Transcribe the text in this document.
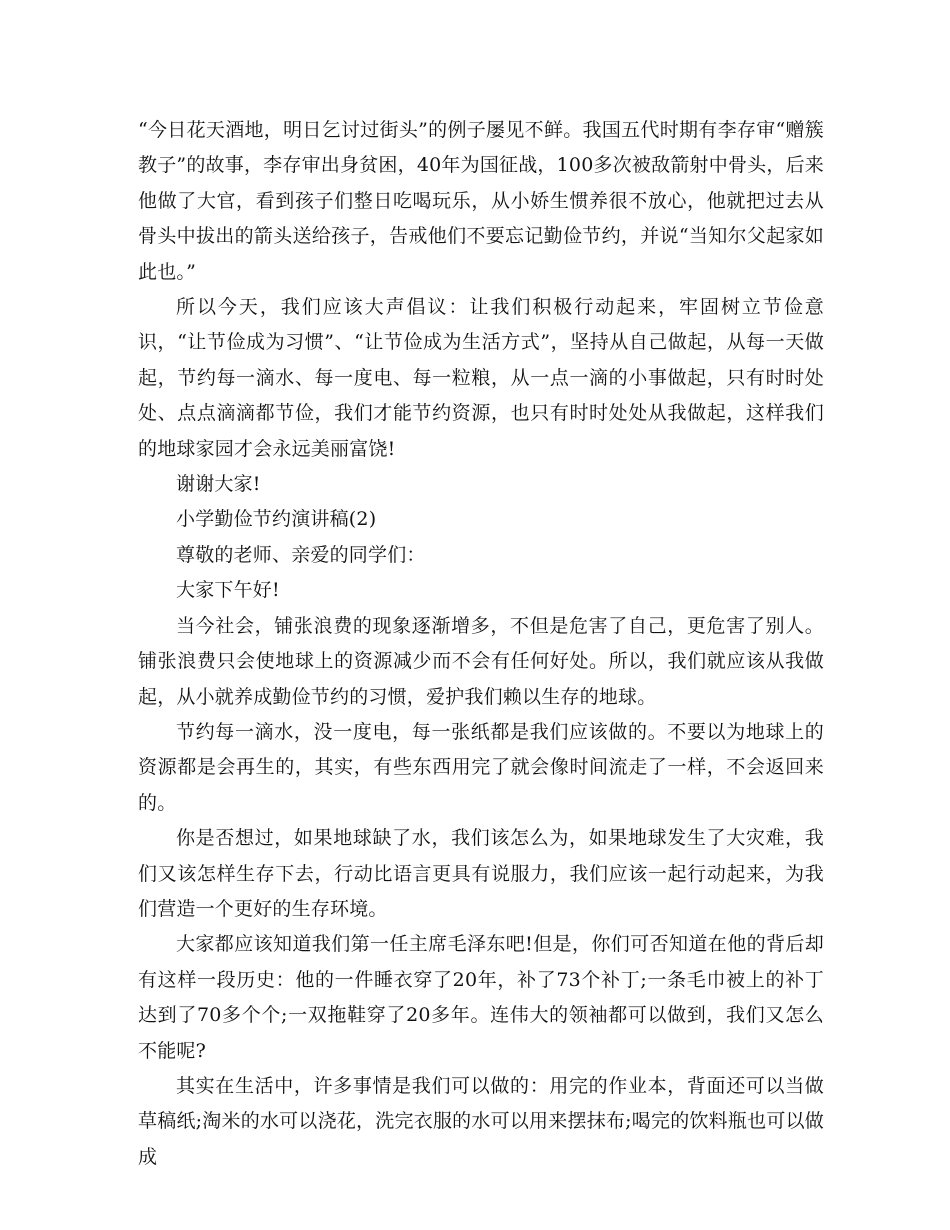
“今日花天酒地，明日乞讨过街头”的例子屡见不鲜。我国五代时期有李存审“赠簇教子”的故事，李存审出身贫困，40年为国征战，100多次被敌箭射中骨头，后来他做了大官，看到孩子们整日吃喝玩乐，从小娇生惯养很不放心，他就把过去从骨头中拔出的箭头送给孩子，告戒他们不要忘记勤俭节约，并说“当知尔父起家如此也。”

所以今天，我们应该大声倡议：让我们积极行动起来，牢固树立节俭意识，“让节俭成为习惯”、“让节俭成为生活方式”，坚持从自己做起，从每一天做起，节约每一滴水、每一度电、每一粒粮，从一点一滴的小事做起，只有时时处处、点点滴滴都节俭，我们才能节约资源，也只有时时处处从我做起，这样我们的地球家园才会永远美丽富饶!

谢谢大家!

小学勤俭节约演讲稿(2)

尊敬的老师、亲爱的同学们：

大家下午好!

当今社会，铺张浪费的现象逐渐增多，不但是危害了自己，更危害了别人。铺张浪费只会使地球上的资源减少而不会有任何好处。所以，我们就应该从我做起，从小就养成勤俭节约的习惯，爱护我们赖以生存的地球。

节约每一滴水，没一度电，每一张纸都是我们应该做的。不要以为地球上的资源都是会再生的，其实，有些东西用完了就会像时间流走了一样，不会返回来的。

你是否想过，如果地球缺了水，我们该怎么为，如果地球发生了大灾难，我们又该怎样生存下去，行动比语言更具有说服力，我们应该一起行动起来，为我们营造一个更好的生存环境。

大家都应该知道我们第一任主席毛泽东吧!但是，你们可否知道在他的背后却有这样一段历史：他的一件睡衣穿了20年，补了73个补丁;一条毛巾被上的补丁达到了70多个个;一双拖鞋穿了20多年。连伟大的领袖都可以做到，我们又怎么不能呢?

其实在生活中，许多事情是我们可以做的：用完的作业本，背面还可以当做草稿纸;淘米的水可以浇花，洗完衣服的水可以用来摆抹布;喝完的饮料瓶也可以做成
